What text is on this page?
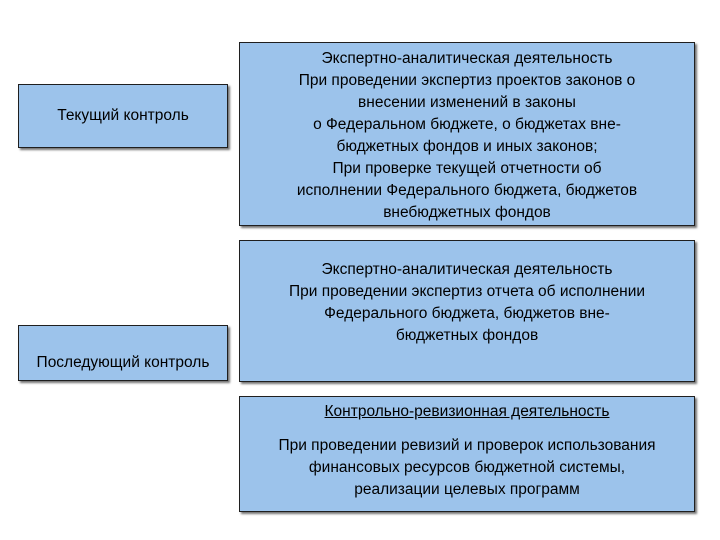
Текущий контроль
Последующий контроль
Экспертно-аналитическая деятельность
При проведении экспертиз проектов законов о
внесении изменений в законы
о Федеральном бюджете, о бюджетах вне-
бюджетных фондов и иных законов;
При проверке текущей отчетности об
исполнении Федерального бюджета, бюджетов
внебюджетных фондов
Экспертно-аналитическая деятельность
При проведении экспертиз отчета об исполнении
Федерального бюджета, бюджетов вне-
бюджетных фондов
Контрольно-ревизионная деятельность
При проведении ревизий и проверок использования
финансовых ресурсов бюджетной системы,
реализации целевых программ
